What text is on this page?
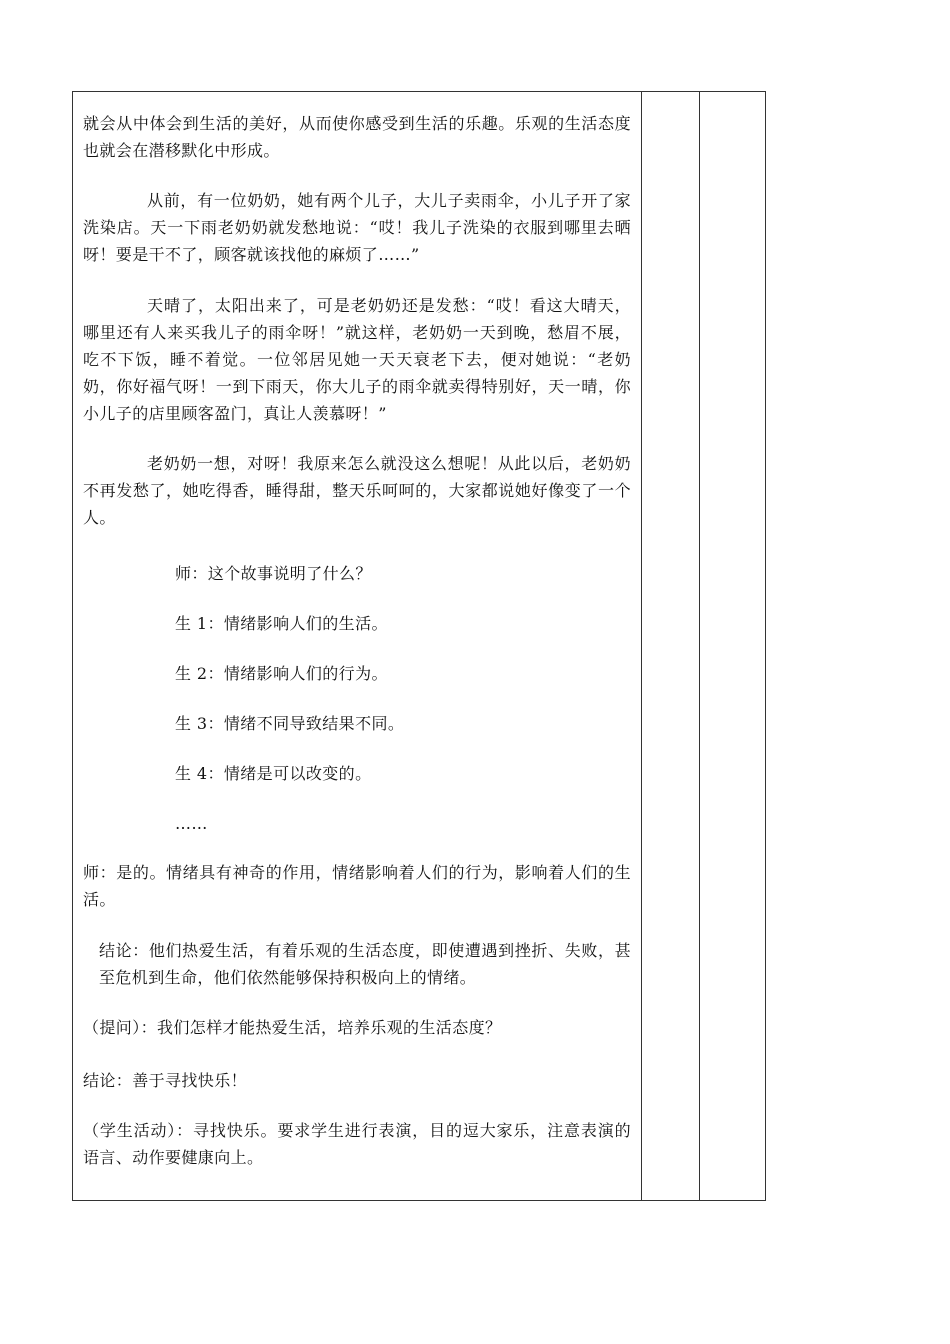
就会从中体会到生活的美好，从而使你感受到生活的乐趣。乐观的生活态度也就会在潜移默化中形成。

从前，有一位奶奶，她有两个儿子，大儿子卖雨伞，小儿子开了家洗染店。天一下雨老奶奶就发愁地说：“哎！我儿子洗染的衣服到哪里去晒呀！要是干不了，顾客就该找他的麻烦了……”

天晴了，太阳出来了，可是老奶奶还是发愁：“哎！看这大晴天，哪里还有人来买我儿子的雨伞呀！”就这样，老奶奶一天到晚，愁眉不展，吃不下饭，睡不着觉。一位邻居见她一天天衰老下去，便对她说：“老奶奶，你好福气呀！一到下雨天，你大儿子的雨伞就卖得特别好，天一晴，你小儿子的店里顾客盈门，真让人羡慕呀！”

老奶奶一想，对呀！我原来怎么就没这么想呢！从此以后，老奶奶不再发愁了，她吃得香，睡得甜，整天乐呵呵的，大家都说她好像变了一个人。

师：这个故事说明了什么？

生 1：情绪影响人们的生活。

生 2：情绪影响人们的行为。

生 3：情绪不同导致结果不同。

生 4：情绪是可以改变的。

……

师：是的。情绪具有神奇的作用，情绪影响着人们的行为，影响着人们的生活。

结论：他们热爱生活，有着乐观的生活态度，即使遭遇到挫折、失败，甚至危机到生命，他们依然能够保持积极向上的情绪。

（提问）：我们怎样才能热爱生活，培养乐观的生活态度？

结论：善于寻找快乐！

（学生活动）：寻找快乐。要求学生进行表演，目的逗大家乐，注意表演的语言、动作要健康向上。
